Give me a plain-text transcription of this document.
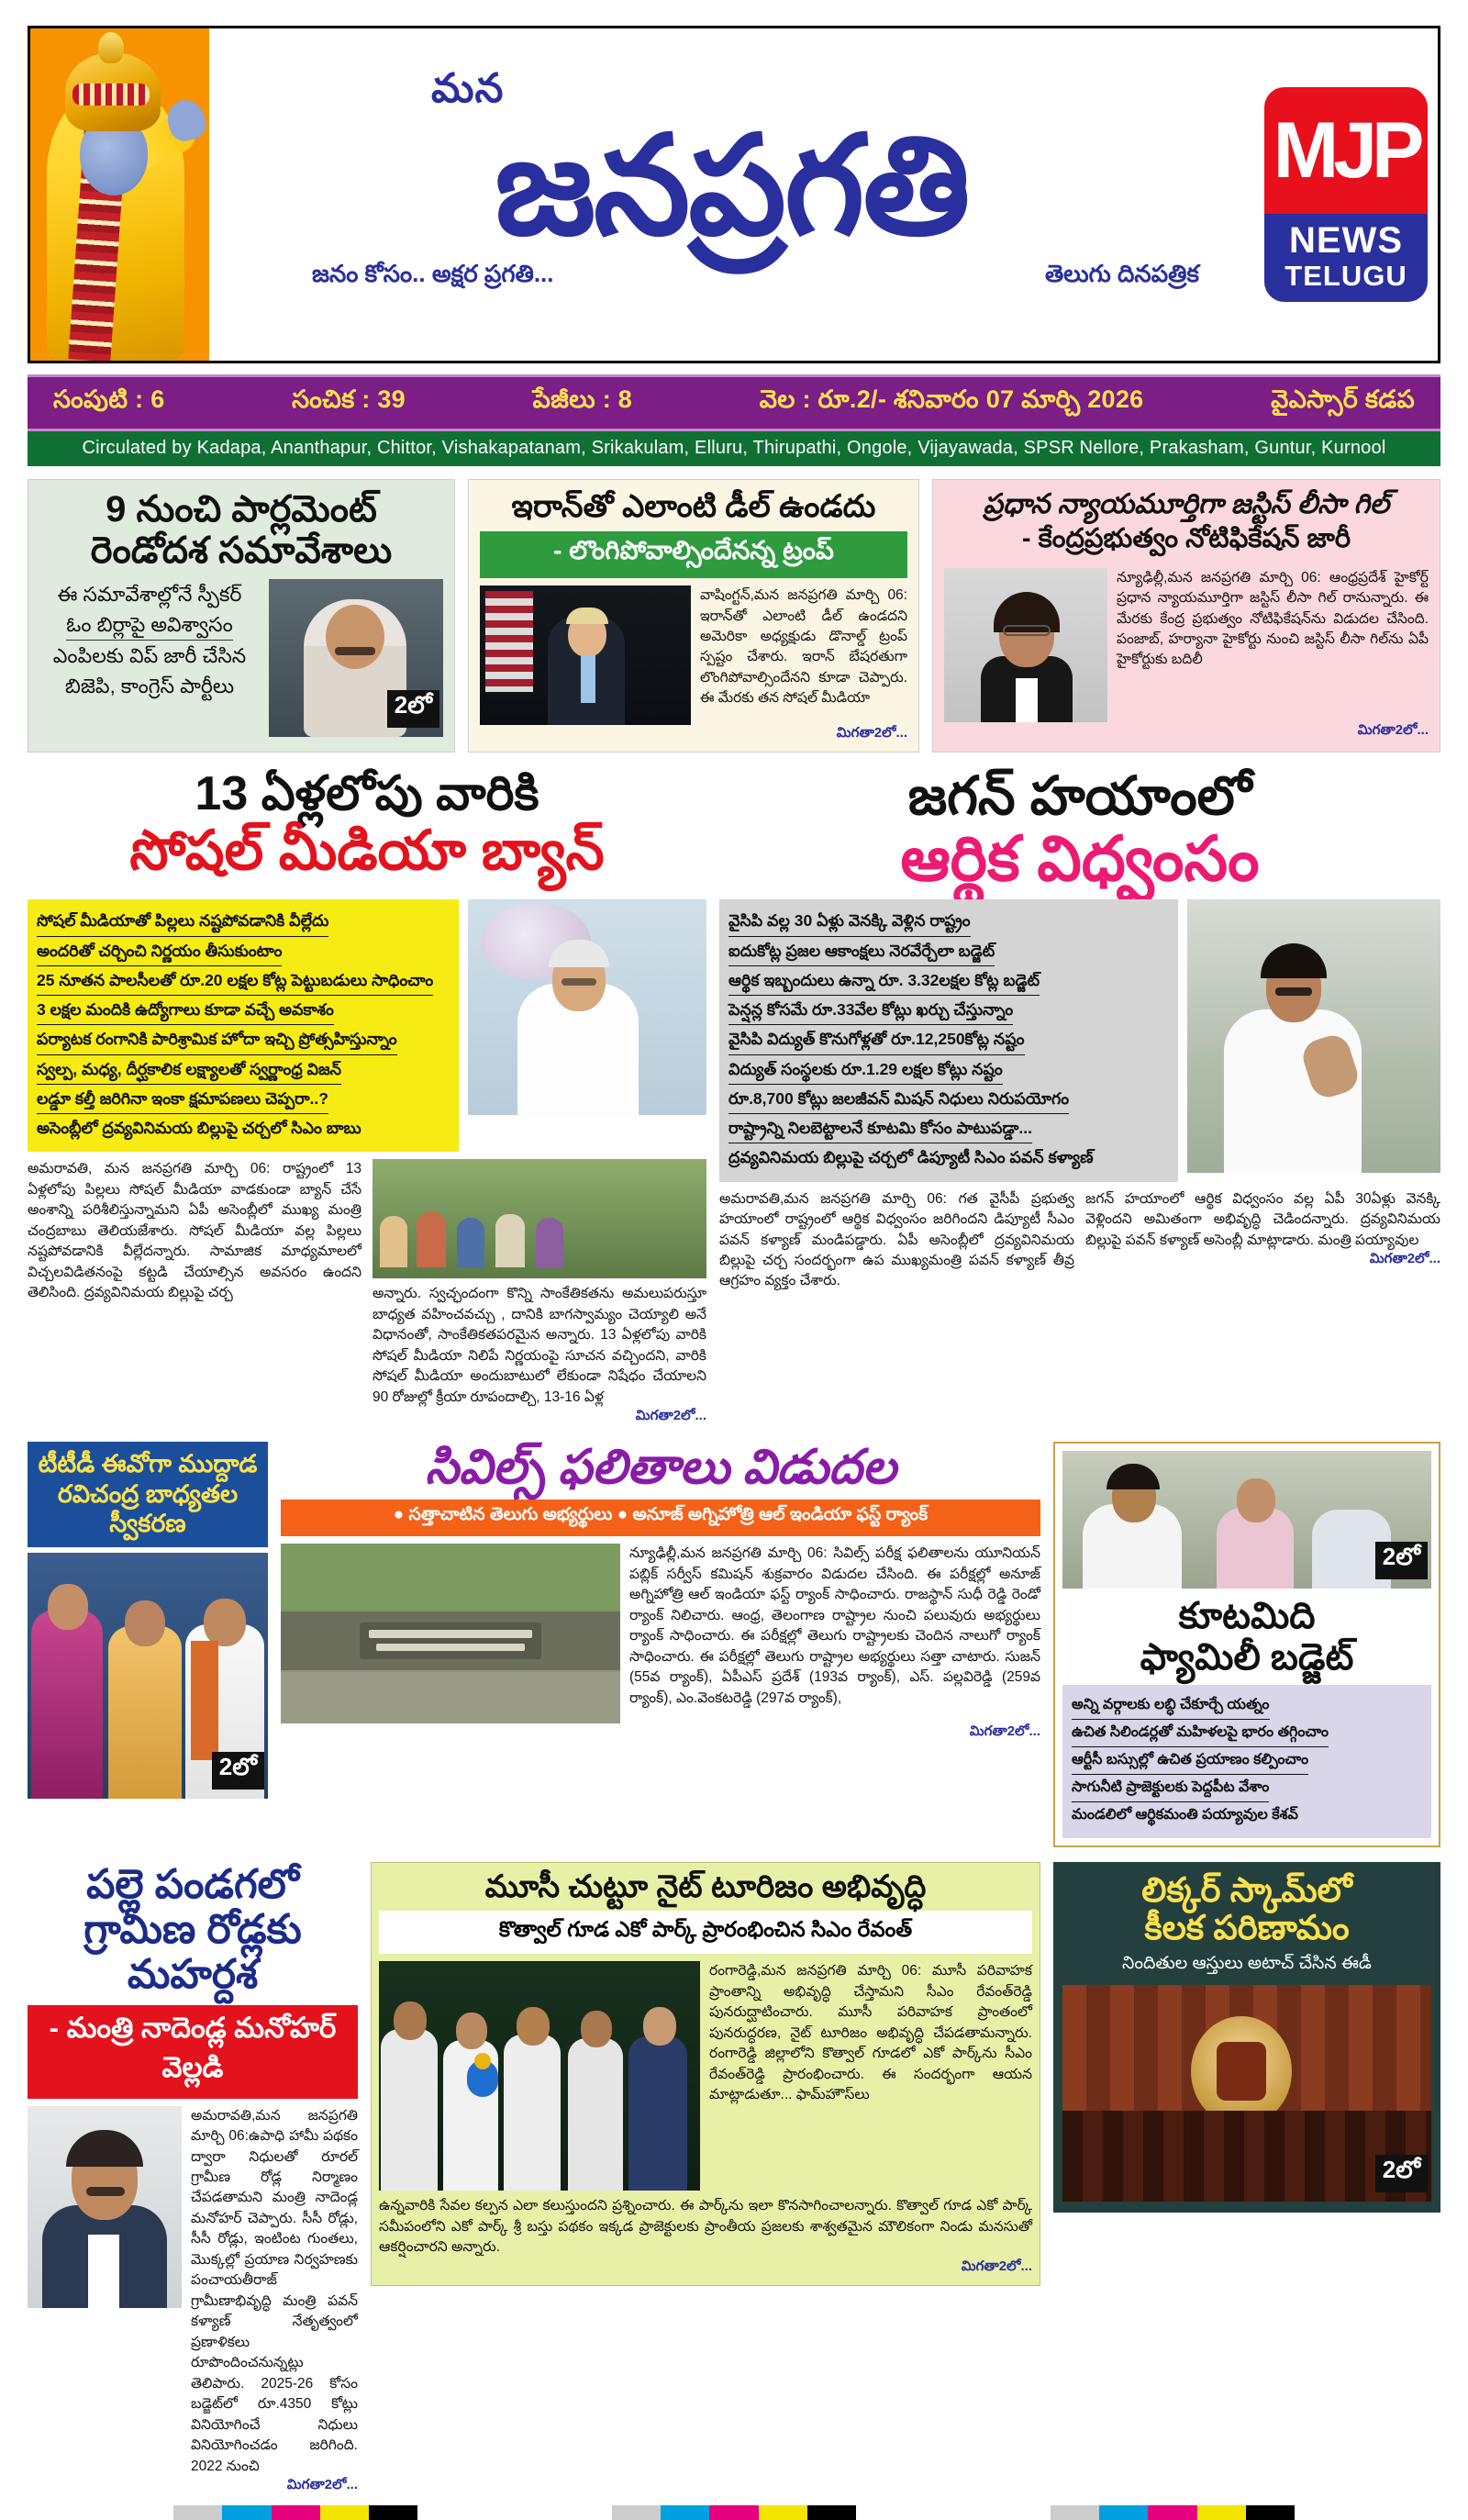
మన
జనప్రగతి
జనం కోసం.. అక్షర ప్రగతి...	తెలుగు దినపత్రిక
MJP
NEWS
TELUGU
సంపుటి : 6	సంచిక : 39	పేజీలు : 8	వెల : రూ.2/- శనివారం 07 మార్చి 2026	వైఎస్సార్ కడప
Circulated by Kadapa, Ananthapur, Chittor, Vishakapatanam, Srikakulam, Elluru, Thirupathi, Ongole, Vijayawada, SPSR Nellore, Prakasham, Guntur, Kurnool
9 నుంచి పార్లమెంట్
రెండోదశ సమావేశాలు
ఈ సమావేశాల్లోనే స్పీకర్
ఓం బిర్లాపై అవిశ్వాసం
ఎంపిలకు విప్ జారీ చేసిన
బిజెపి, కాంగ్రెస్ పార్టీలు
2లో
ఇరాన్‌తో ఎలాంటి డీల్ ఉండదు
- లొంగిపోవాల్సిందేనన్న ట్రంప్
వాషింగ్టన్,మన జనప్రగతి మార్చి 06: ఇరాన్‌తో ఎలాంటి డీల్ ఉండదని అమెరికా అధ్యక్షుడు డొనాల్డ్ ట్రంప్ స్పష్టం చేశారు. ఇరాన్ బేషరతుగా లొంగిపోవాల్సిందేనని కూడా చెప్పారు. ఈ మేరకు తన సోషల్ మీడియా
మిగతా2లో...
ప్రధాన న్యాయమూర్తిగా జస్టిస్ లీసా గిల్
- కేంద్రప్రభుత్వం నోటిఫికేషన్ జారీ
న్యూఢిల్లీ,మన జనప్రగతి మార్చి 06: ఆంధ్రప్రదేశ్ హైకోర్ట్ ప్రధాన న్యాయమూర్తిగా జస్టిస్ లీసా గిల్ రానున్నారు. ఈ మేరకు కేంద్ర ప్రభుత్వం నోటిఫికేషన్‌ను విడుదల చేసింది. పంజాబ్, హర్యానా హైకోర్టు నుంచి జస్టిస్ లీసా గిల్‌ను ఏపీ హైకోర్టుకు బదిలీ
మిగతా2లో...
13 ఏళ్లలోపు వారికి
సోషల్ మీడియా బ్యాన్
జగన్ హయాంలో
ఆర్థిక విధ్వంసం
సోషల్ మీడియాతో పిల్లలు నష్టపోవడానికి వీల్లేదు అందరితో చర్చించి నిర్ణయం తీసుకుంటాం 25 నూతన పాలసీలతో రూ.20 లక్షల కోట్ల పెట్టుబడులు సాధించాం 3 లక్షల మందికి ఉద్యోగాలు కూడా వచ్చే అవకాశం పర్యాటక రంగానికి పారిశ్రామిక హోదా ఇచ్చి ప్రోత్సహిస్తున్నాం స్వల్ప, మధ్య, దీర్ఘకాలిక లక్ష్యాలతో స్వర్ణాంధ్ర విజన్ లడ్డూ కల్తీ జరిగినా ఇంకా క్షమాపణలు చెప్పరా..? అసెంబ్లీలో ద్రవ్యవినిమయ బిల్లుపై చర్చలో సిఎం బాబు
అమరావతి, మన జనప్రగతి మార్చి 06: రాష్ట్రంలో 13 ఏళ్లలోపు పిల్లలు సోషల్ మీడియా వాడకుండా బ్యాన్ చేసే అంశాన్ని పరిశీలిస్తున్నామని ఏపీ అసెంబ్లీలో ముఖ్య మంత్రి చంద్రబాబు తెలియజేశారు. సోషల్ మీడియా వల్ల పిల్లలు నష్టపోవడానికి వీల్లేదన్నారు. సామాజిక మాధ్యమాలలో విచ్చలవిడితనంపై కట్టడి చేయాల్సిన అవసరం ఉందని తెలిసింది. ద్రవ్యవినిమయ బిల్లుపై చర్చ	అన్నారు. స్వచ్ఛందంగా కొన్ని సాంకేతికతను అమలుపరుస్తూ బాధ్యత వహించవచ్చు , దానికి బాగస్వామ్యం చెయ్యాలి అనే విధానంతో, సాంకేతికతపరమైన అన్నారు. 13 ఏళ్లలోపు వారికి సోషల్ మీడియా నిలిపే నిర్ణయంపై సూచన వచ్చిందని, వారికి సోషల్ మీడియా అందుబాటులో లేకుండా నిషేధం చేయాలని 90 రోజుల్లో క్రీయా రూపందాల్చి, 13-16 ఏళ్ల
మిగతా2లో...
వైసిపి వల్ల 30 ఏళ్లు వెనక్కి వెళ్లిన రాష్ట్రం ఐదుకోట్ల ప్రజల ఆకాంక్షలు నెరవేర్చేలా బడ్జెట్ ఆర్థిక ఇబ్బందులు ఉన్నా రూ. 3.32లక్షల కోట్ల బడ్జెట్ పెన్షన్ల కోసమే రూ.33వేల కోట్లు ఖర్చు చేస్తున్నాం వైసిపి విద్యుత్ కొనుగోళ్లతో రూ.12,250కోట్ల నష్టం విద్యుత్ సంస్థలకు రూ.1.29 లక్షల కోట్లు నష్టం రూ.8,700 కోట్లు జలజీవన్ మిషన్ నిధులు నిరుపయోగం రాష్ట్రాన్ని నిలబెట్టాలనే కూటమి కోసం పాటుపడ్డా... ద్రవ్యవినిమయ బిల్లుపై చర్చలో డిప్యూటీ సిఎం పవన్ కళ్యాణ్
అమరావతి,మన జనప్రగతి మార్చి 06: గత వైసీపీ ప్రభుత్వ హయాంలో రాష్ట్రంలో ఆర్థిక విధ్వంసం జరిగిందని డిప్యూటీ సీఎం పవన్ కళ్యాణ్ మండిపడ్డారు. ఏపీ అసెంబ్లీలో ద్రవ్యవినిమయ బిల్లుపై చర్చ సందర్భంగా ఉప ముఖ్యమంత్రి పవన్ కళ్యాణ్ తీవ్ర ఆగ్రహం వ్యక్తం చేశారు.
జగన్ హయాంలో ఆర్థిక విధ్వంసం వల్ల ఏపీ 30ఏళ్లు వెనక్కి వెళ్లిందని అమితంగా అభివృద్ధి చెడిందన్నారు. ద్రవ్యవినిమయ బిల్లుపై పవన్ కళ్యాణ్ అసెంబ్లీ మాట్లాడారు. మంత్రి పయ్యావుల
మిగతా2లో...
టీటీడీ ఈవోగా ముద్దాడ
రవిచంద్ర బాధ్యతల స్వీకరణ
2లో
సివిల్స్ ఫలితాలు విడుదల
● సత్తాచాటిన తెలుగు అభ్యర్థులు ● అనూజ్ అగ్నిహోత్రి ఆల్ ఇండియా ఫస్ట్ ర్యాంక్
న్యూఢిల్లీ,మన జనప్రగతి మార్చి 06: సివిల్స్ పరీక్ష ఫలితాలను యూనియన్ పబ్లిక్ సర్వీస్ కమిషన్ శుక్రవారం విడుదల చేసింది. ఈ పరీక్షల్లో అనూజ్ అగ్నిహోత్రి ఆల్ ఇండియా ఫస్ట్ ర్యాంక్ సాధించారు. రాజస్థాన్ సుధీ రెడ్డి రెండో ర్యాంక్ నిలిచారు. ఆంధ్ర, తెలంగాణ రాష్ట్రాల నుంచి పలువురు అభ్యర్థులు ర్యాంక్ సాధించారు. ఈ పరీక్షల్లో తెలుగు రాష్ట్రాలకు చెందిన నాలుగో ర్యాంక్ సాధించారు. ఈ పరీక్షల్లో తెలుగు రాష్ట్రాల అభ్యర్థులు సత్తా చాటారు. సుజన్ (55వ ర్యాంక్), ఏపీఎస్ ప్రదేశ్ (193వ ర్యాంక్), ఎస్. పల్లవిరెడ్డి (259వ ర్యాంక్), ఎం.వెంకటరెడ్డి (297వ ర్యాంక్),
మిగతా2లో...
2లో
కూటమిది
ఫ్యామిలీ బడ్జెట్
అన్ని వర్గాలకు లబ్ధి చేకూర్చే యత్నం ఉచిత సిలిండర్లతో మహిళలపై భారం తగ్గించాం ఆర్టీసీ బస్సుల్లో ఉచిత ప్రయాణం కల్పించాం సాగునీటి ప్రాజెక్టులకు పెద్దపీట వేశాం మండలిలో ఆర్థికమంతి పయ్యావుల కేశవ్
పల్లె పండగలో
గ్రామీణ రోడ్లకు మహర్దశ
- మంత్రి నాదెండ్ల మనోహర్ వెల్లడి
అమరావతి,మన జనప్రగతి మార్చి 06:ఉపాధి హామీ పథకం ద్వారా నిధులతో రూరల్ గ్రామీణ రోడ్ల నిర్మాణం చేపడతామని మంత్రి నాదెండ్ల మనోహర్ చెప్పారు. సీసీ రోడ్లు, సీసీ రోడ్లు, ఇంటింట గుంతలు, మొక్కల్లో ప్రయాణ నిర్వహణకు పంచాయతీరాజ్ గ్రామీణాభివృద్ధి మంత్రి పవన్ కళ్యాణ్ నేతృత్వంలో ప్రణాళికలు రూపొందించనున్నట్లు తెలిపారు. 2025-26 కోసం బడ్జెట్‌లో రూ.4350 కోట్లు వినియోగించే నిధులు వినియోగించడం జరిగింది. 2022 నుంచి
మిగతా2లో...
మూసీ చుట్టూ నైట్ టూరిజం అభివృద్ధి
కొత్వాల్ గూడ ఎకో పార్క్ ప్రారంభించిన సిఎం రేవంత్
రంగారెడ్డి,మన జనప్రగతి మార్చి 06: మూసీ పరివాహక ప్రాంతాన్ని అభివృద్ధి చేస్తామని సీఎం రేవంత్‌రెడ్డి పునరుద్ఘాటించారు. మూసీ పరివాహక ప్రాంతంలో పునరుద్ధరణ, నైట్ టూరిజం అభివృద్ధి చేపడతామన్నారు. రంగారెడ్డి జిల్లాలోని కొత్వాల్ గూడలో ఎకో పార్క్‌ను సీఎం రేవంత్‌రెడ్డి ప్రారంభించారు. ఈ సందర్భంగా ఆయన మాట్లాడుతూ... ఫామ్‌హౌస్‌లు
ఉన్నవారికి సేవల కల్పన ఎలా కలుస్తుందని ప్రశ్నించారు. ఈ పార్క్‌ను ఇలా కొనసాగించాలన్నారు. కొత్వాల్ గూడ ఎకో పార్క్ సమీపంలోని ఎకో పార్క్ శ్రీ బస్తు పథకం ఇక్కడ ప్రాజెక్టులకు ప్రాంతీయ ప్రజలకు శాశ్వతమైన మౌలికంగా నిండు మనసుతో ఆకర్షించారని అన్నారు.
మిగతా2లో...
లిక్కర్ స్కామ్‌లో
కీలక పరిణామం
నిందితుల ఆస్తులు అటాచ్ చేసిన ఈడీ
2లో
